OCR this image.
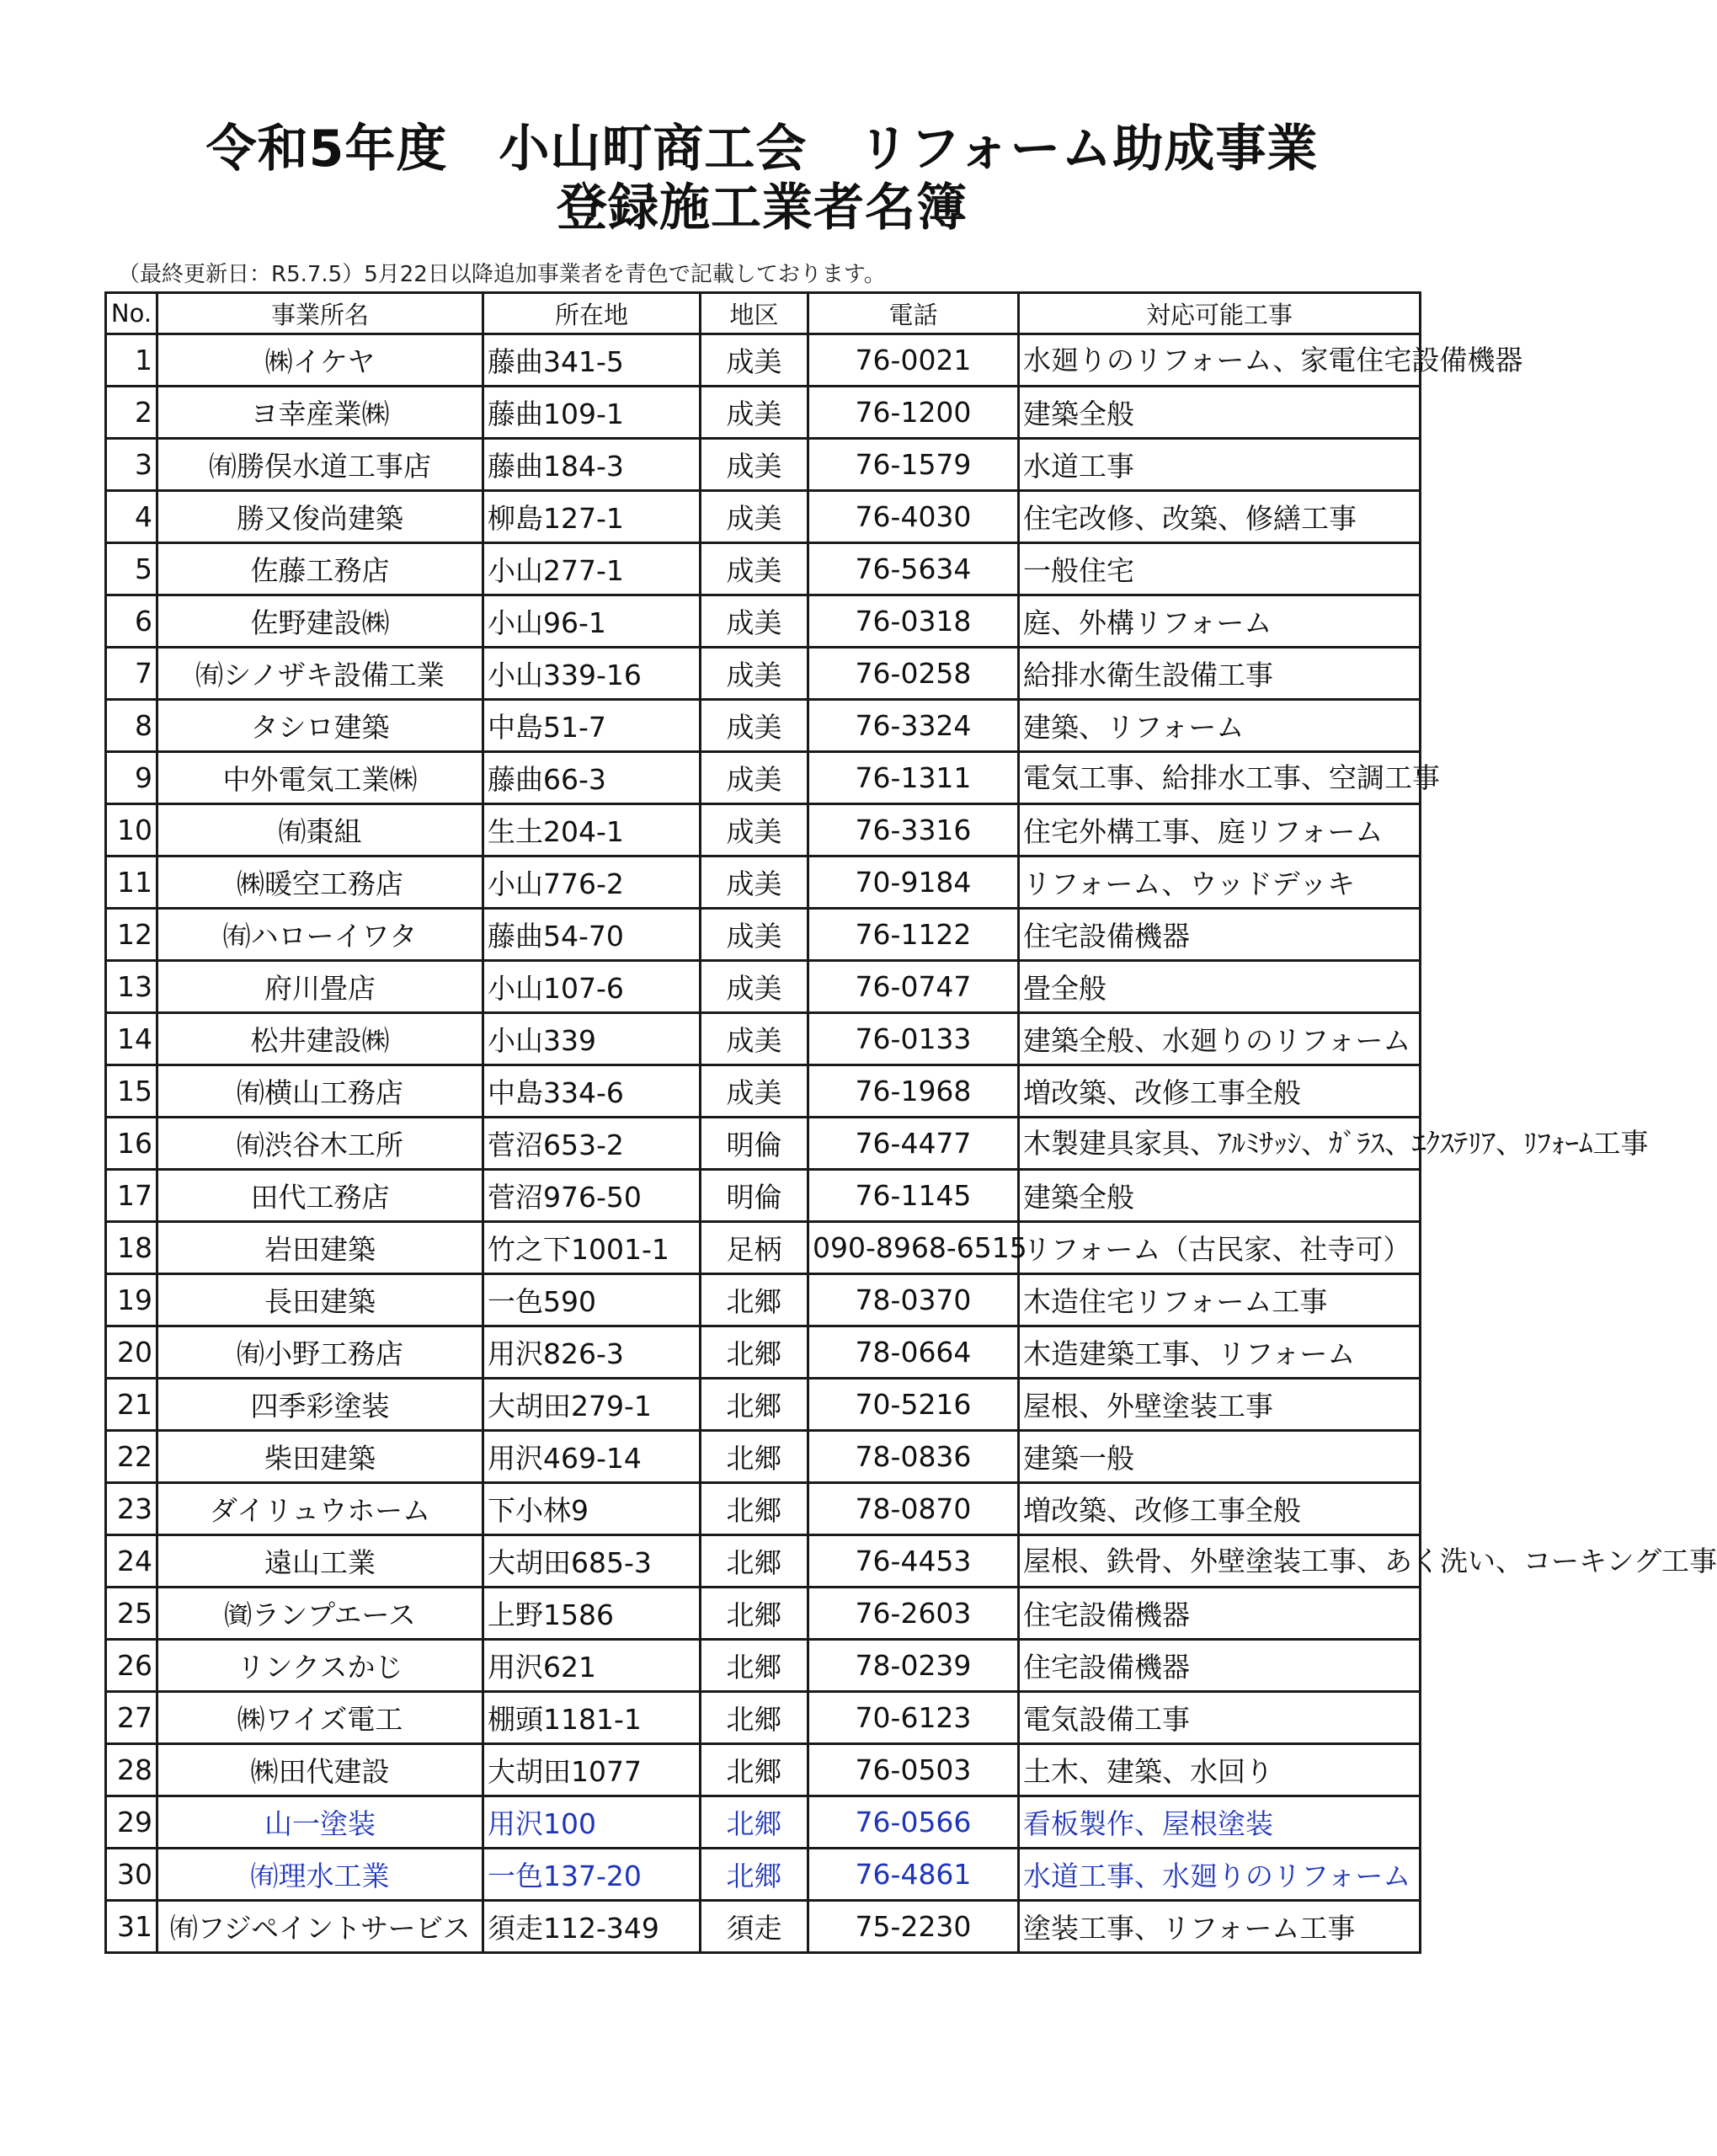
令和5年度　小山町商工会　リフォーム助成事業
登録施工業者名簿
（最終更新日：R5.7.5）5月22日以降追加事業者を青色で記載しております。
No.	事業所名	所在地	地区	電話	対応可能工事
1	㈱イケヤ	藤曲341-5	成美	76-0021	水廻りのリフォーム、家電住宅設備機器
2	ヨ幸産業㈱	藤曲109-1	成美	76-1200	建築全般
3	㈲勝俣水道工事店	藤曲184-3	成美	76-1579	水道工事
4	勝又俊尚建築	柳島127-1	成美	76-4030	住宅改修、改築、修繕工事
5	佐藤工務店	小山277-1	成美	76-5634	一般住宅
6	佐野建設㈱	小山96-1	成美	76-0318	庭、外構リフォーム
7	㈲シノザキ設備工業	小山339-16	成美	76-0258	給排水衛生設備工事
8	タシロ建築	中島51-7	成美	76-3324	建築、リフォーム
9	中外電気工業㈱	藤曲66-3	成美	76-1311	電気工事、給排水工事、空調工事
10	㈲棗組	生土204-1	成美	76-3316	住宅外構工事、庭リフォーム
11	㈱暖空工務店	小山776-2	成美	70-9184	リフォーム、ウッドデッキ
12	㈲ハローイワタ	藤曲54-70	成美	76-1122	住宅設備機器
13	府川畳店	小山107-6	成美	76-0747	畳全般
14	松井建設㈱	小山339	成美	76-0133	建築全般、水廻りのリフォーム
15	㈲横山工務店	中島334-6	成美	76-1968	増改築、改修工事全般
16	㈲渋谷木工所	菅沼653-2	明倫	76-4477	木製建具家具、ｱﾙﾐｻｯｼ、ｶﾞﾗｽ、ｴｸｽﾃﾘｱ、ﾘﾌｫｰﾑ工事
17	田代工務店	菅沼976-50	明倫	76-1145	建築全般
18	岩田建築	竹之下1001-1	足柄	090-8968-6515	リフォーム（古民家、社寺可）
19	長田建築	一色590	北郷	78-0370	木造住宅リフォーム工事
20	㈲小野工務店	用沢826-3	北郷	78-0664	木造建築工事、リフォーム
21	四季彩塗装	大胡田279-1	北郷	70-5216	屋根、外壁塗装工事
22	柴田建築	用沢469-14	北郷	78-0836	建築一般
23	ダイリュウホーム	下小林9	北郷	78-0870	増改築、改修工事全般
24	遠山工業	大胡田685-3	北郷	76-4453	屋根、鉄骨、外壁塗装工事、あく洗い、コーキング工事
25	㈾ランプエース	上野1586	北郷	76-2603	住宅設備機器
26	リンクスかじ	用沢621	北郷	78-0239	住宅設備機器
27	㈱ワイズ電工	棚頭1181-1	北郷	70-6123	電気設備工事
28	㈱田代建設	大胡田1077	北郷	76-0503	土木、建築、水回り
29	山一塗装	用沢100	北郷	76-0566	看板製作、屋根塗装
30	㈲理水工業	一色137-20	北郷	76-4861	水道工事、水廻りのリフォーム
31	㈲フジペイントサービス	須走112-349	須走	75-2230	塗装工事、リフォーム工事
